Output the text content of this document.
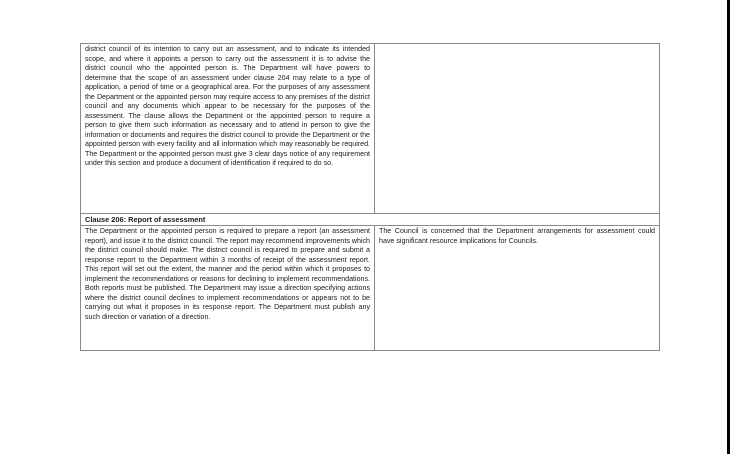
district council of its intention to carry out an assessment, and to indicate its intended scope, and where it appoints a person to carry out the assessment it is to advise the district council who the appointed person is. The Department will have powers to determine that the scope of an assessment under clause 204 may relate to a type of application, a period of time or a geographical area. For the purposes of any assessment the Department or the appointed person may require access to any premises of the district council and any documents which appear to be necessary for the purposes of the assessment. The clause allows the Department or the appointed person to require a person to give them such information as necessary and to attend in person to give the information or documents and requires the district council to provide the Department or the appointed person with every facility and all information which may reasonably be required. The Department or the appointed person must give 3 clear days notice of any requirement under this section and produce a document of identification if required to do so.	
Clause 206: Report of assessment	
The Department or the appointed person is required to prepare a report (an assessment report), and issue it to the district council. The report may recommend improvements which the district council should make. The district council is required to prepare and submit a response report to the Department within 3 months of receipt of the assessment report. This report will set out the extent, the manner and the period within which it proposes to implement the recommendations or reasons for declining to implement recommendations. Both reports must be published. The Department may issue a direction specifying actions where the district council declines to implement recommendations or appears not to be carrying out what it proposes in its response report. The Department must publish any such direction or variation of a direction.	The Council is concerned that the Department arrangements for assessment could have significant resource implications for Councils.
